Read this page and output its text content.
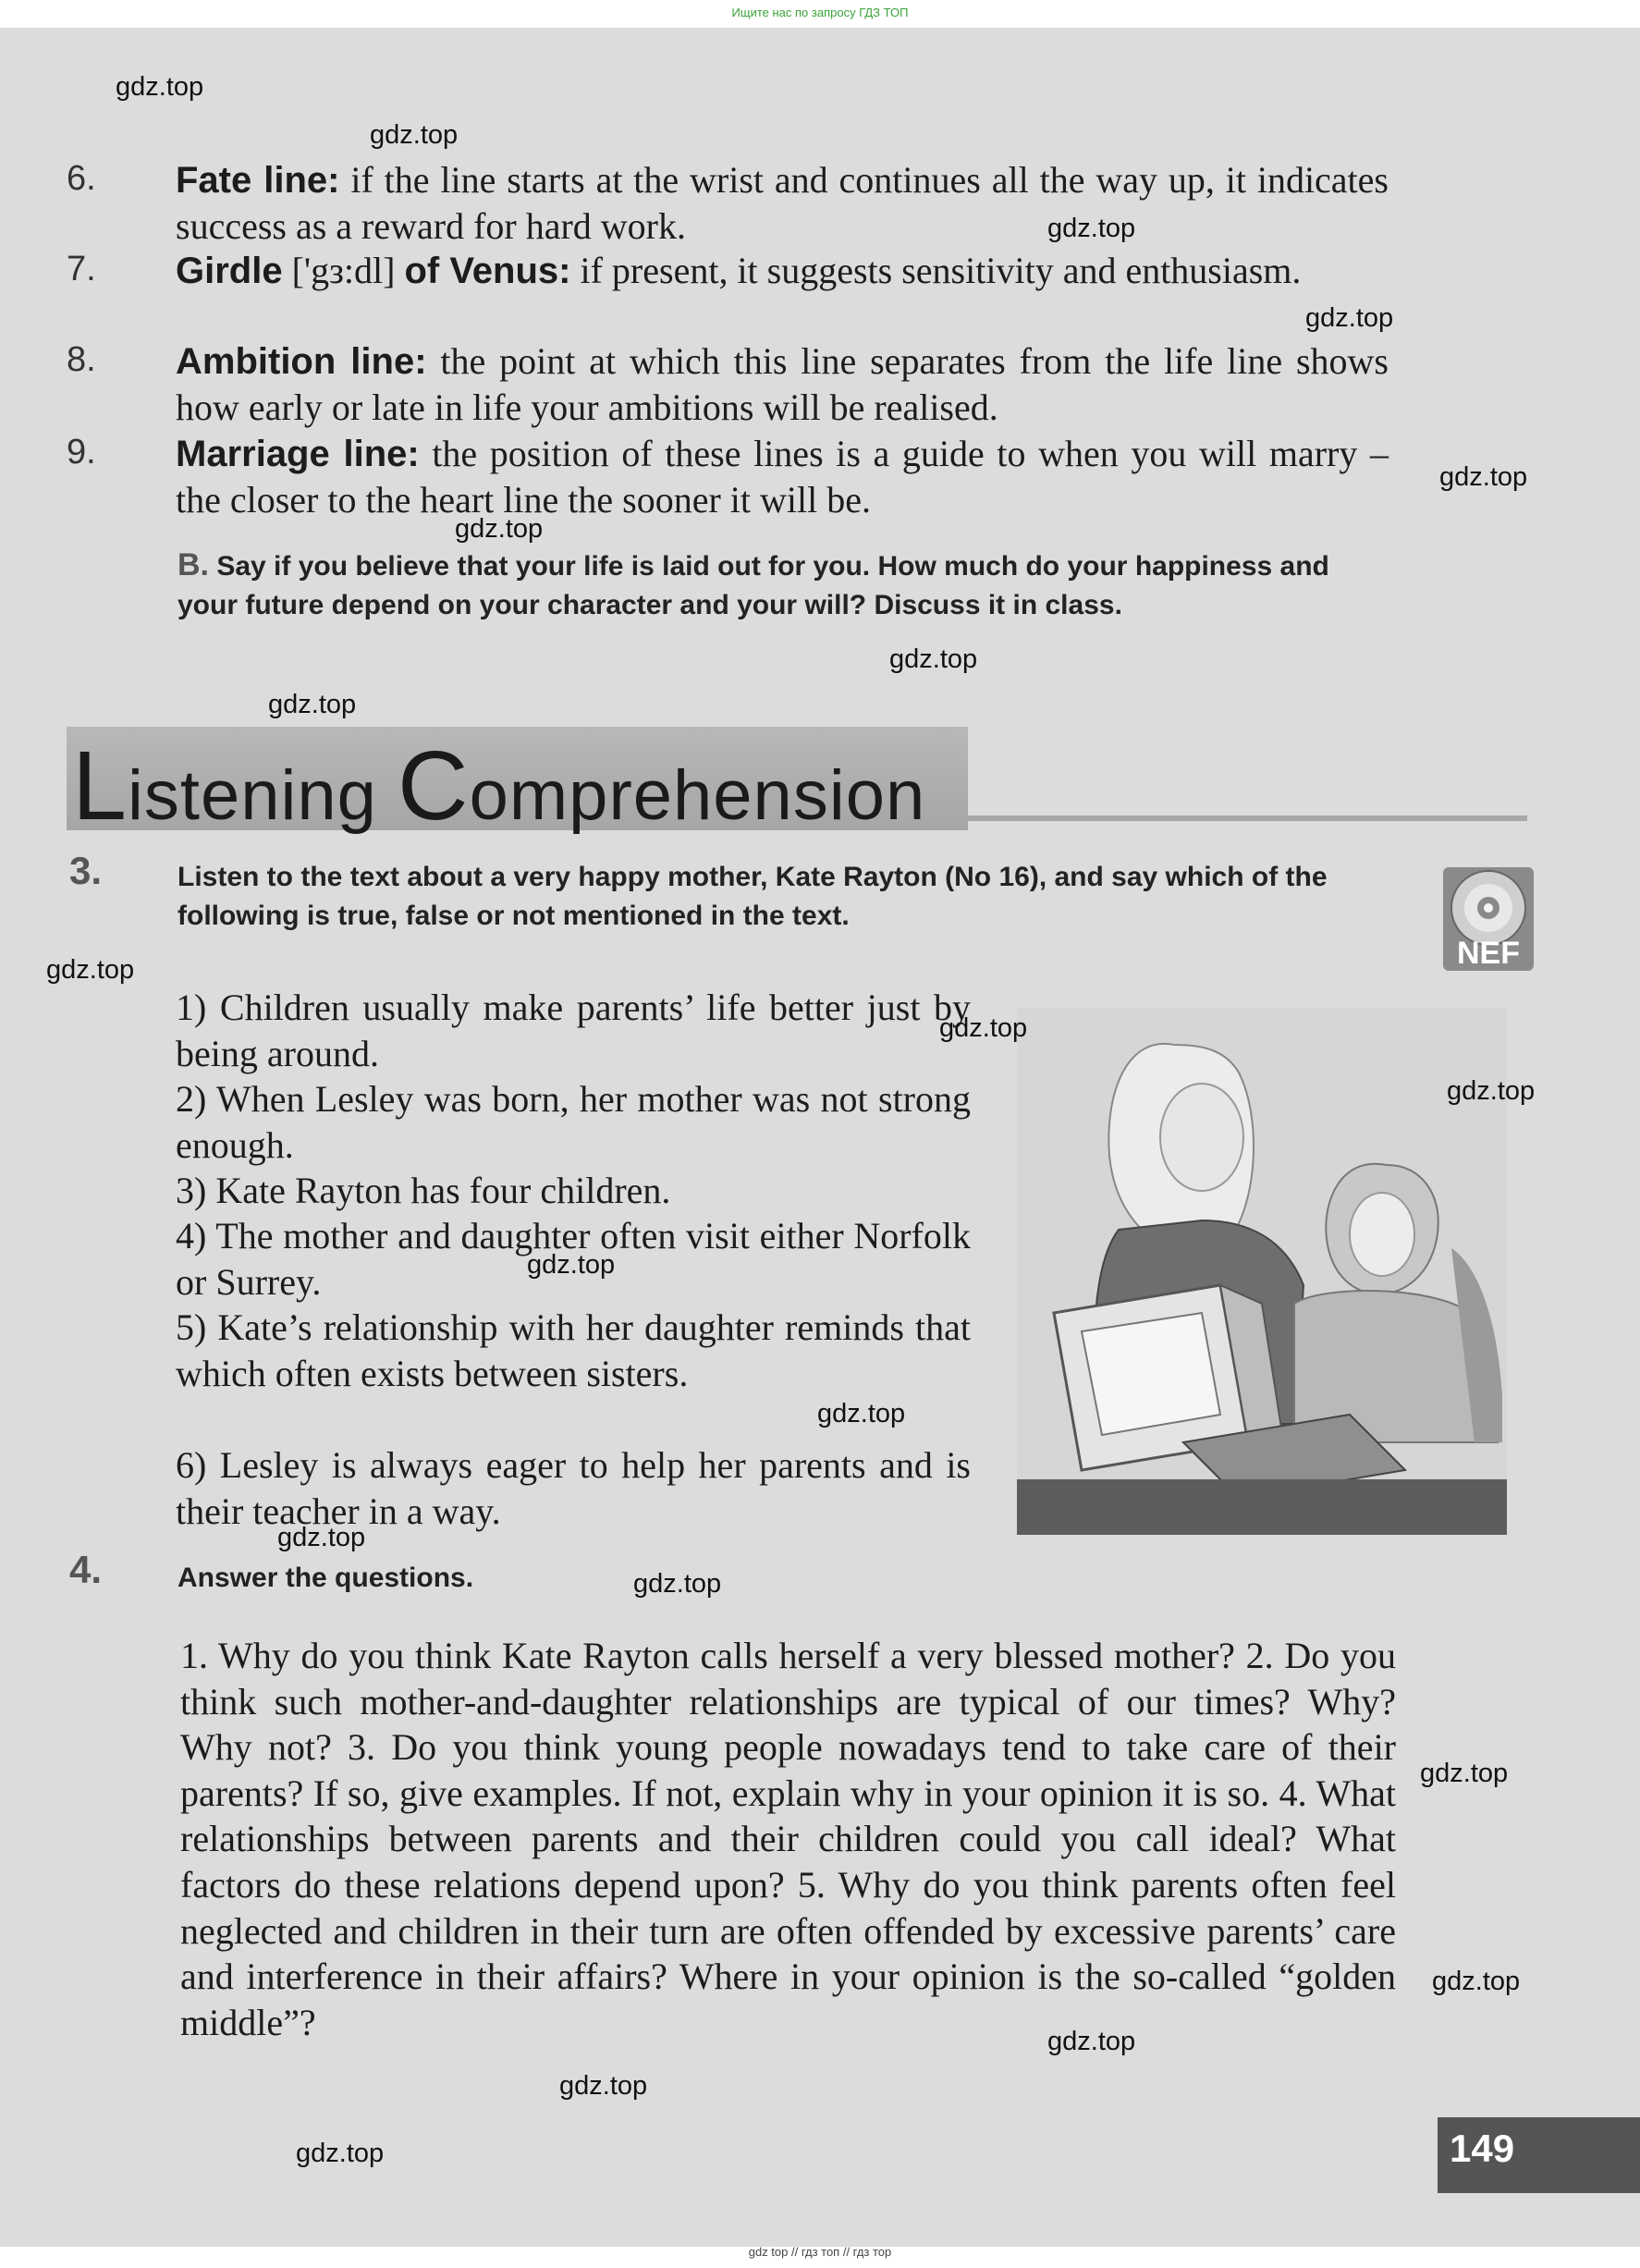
Ищите нас по запросу ГДЗ ТОП
6. Fate line: if the line starts at the wrist and continues all the way up, it indicates success as a reward for hard work.
7. Girdle ['gз:dl] of Venus: if present, it suggests sensitivity and enthusiasm.
8. Ambition line: the point at which this line separates from the life line shows how early or late in life your ambitions will be realised.
9. Marriage line: the position of these lines is a guide to when you will marry – the closer to the heart line the sooner it will be.
B. Say if you believe that your life is laid out for you. How much do your happiness and your future depend on your character and your will? Discuss it in class.
Listening Comprehension
3.	Listen to the text about a very happy mother, Kate Rayton (No 16), and say which of the following is true, false or not mentioned in the text.
NEF
1) Children usually make parents’ life better just by being around.
2) When Lesley was born, her mother was not strong enough.
3) Kate Rayton has four children.
4) The mother and daughter often visit either Norfolk or Surrey.
5) Kate’s relationship with her daughter reminds that which often exists between sisters.
6) Lesley is always eager to help her parents and is their teacher in a way.
4.	Answer the questions.
1. Why do you think Kate Rayton calls herself a very blessed mother? 2. Do you think such mother-and-daughter relationships are typical of our times? Why? Why not? 3. Do you think young people nowadays tend to take care of their parents? If so, give examples. If not, explain why in your opinion it is so. 4. What relationships between parents and their children could you call ideal? What factors do these relations depend upon? 5. Why do you think parents often feel neglected and children in their turn are often offended by excessive parents’ care and interference in their affairs? Where in your opinion is the so-called “golden middle”?
149
gdz.top
gdz.top
gdz.top
gdz.top
gdz.top
gdz.top
gdz.top
gdz.top
gdz.top
gdz.top
gdz.top
gdz.top
gdz.top
gdz.top
gdz.top
gdz.top
gdz.top
gdz.top
gdz.top
gdz.top
gdz top // гдз топ // гдз тор
